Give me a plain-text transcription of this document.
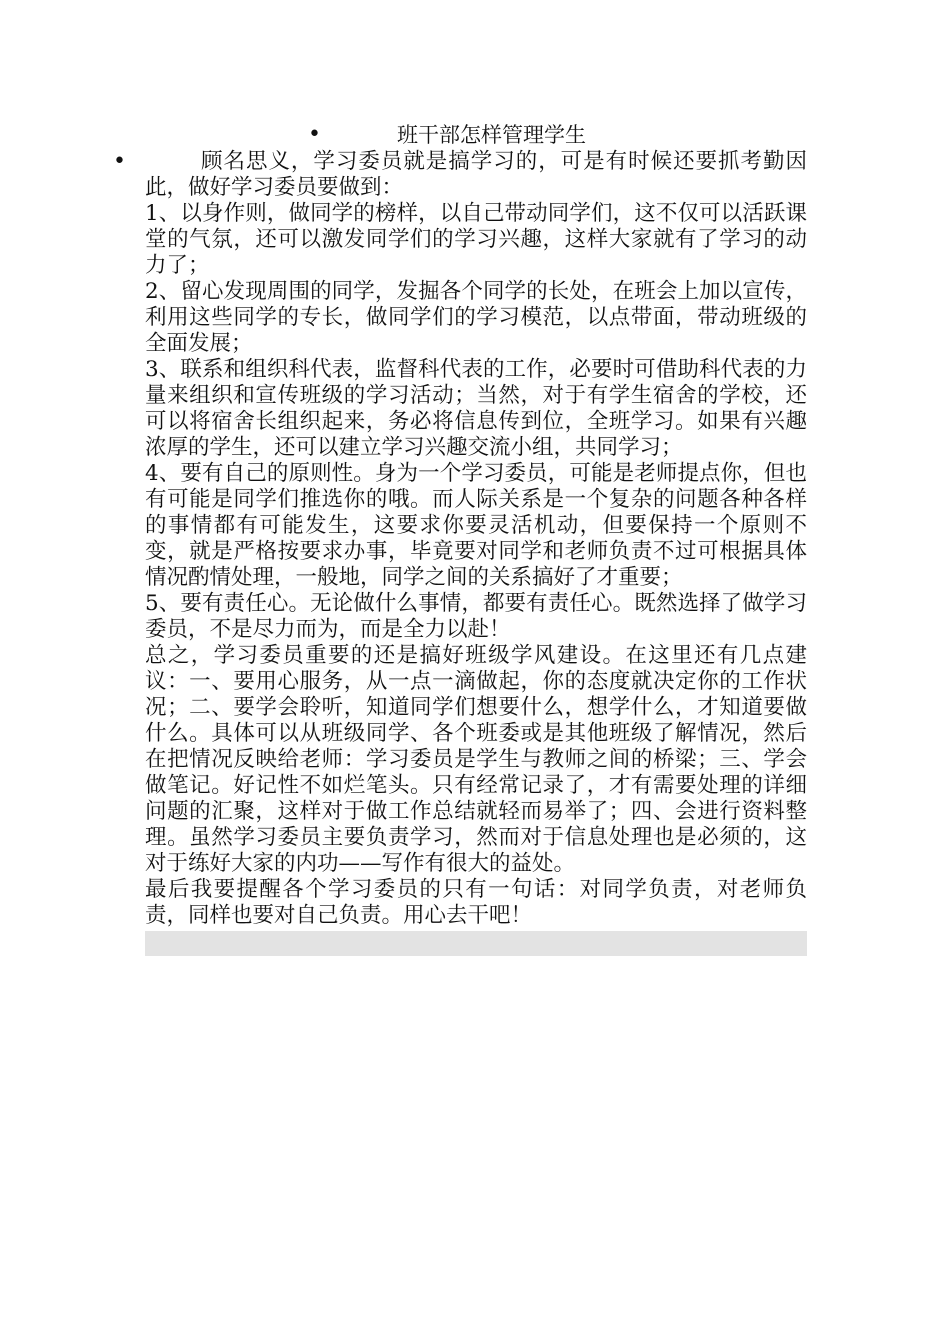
•	班干部怎样管理学生
•	顾名思义，学习委员就是搞学习的，可是有时候还要抓考勤因此，做好学习委员要做到：

1、以身作则，做同学的榜样，以自己带动同学们，这不仅可以活跃课堂的气氛，还可以激发同学们的学习兴趣，这样大家就有了学习的动力了；

2、留心发现周围的同学，发掘各个同学的长处，在班会上加以宣传，利用这些同学的专长，做同学们的学习模范，以点带面，带动班级的全面发展；

3、联系和组织科代表，监督科代表的工作，必要时可借助科代表的力量来组织和宣传班级的学习活动；当然，对于有学生宿舍的学校，还可以将宿舍长组织起来，务必将信息传到位，全班学习。如果有兴趣浓厚的学生，还可以建立学习兴趣交流小组，共同学习；

4、要有自己的原则性。身为一个学习委员，可能是老师提点你，但也有可能是同学们推选你的哦。而人际关系是一个复杂的问题各种各样的事情都有可能发生，这要求你要灵活机动，但要保持一个原则不变，就是严格按要求办事，毕竟要对同学和老师负责不过可根据具体情况酌情处理，一般地，同学之间的关系搞好了才重要；

5、要有责任心。无论做什么事情，都要有责任心。既然选择了做学习委员，不是尽力而为，而是全力以赴！

总之，学习委员重要的还是搞好班级学风建设。在这里还有几点建议：一、要用心服务，从一点一滴做起，你的态度就决定你的工作状况；二、要学会聆听，知道同学们想要什么，想学什么，才知道要做什么。具体可以从班级同学、各个班委或是其他班级了解情况，然后在把情况反映给老师：学习委员是学生与教师之间的桥梁；三、学会做笔记。好记性不如烂笔头。只有经常记录了，才有需要处理的详细问题的汇聚，这样对于做工作总结就轻而易举了；四、会进行资料整理。虽然学习委员主要负责学习，然而对于信息处理也是必须的，这对于练好大家的内功——写作有很大的益处。

最后我要提醒各个学习委员的只有一句话：对同学负责，对老师负责，同样也要对自己负责。用心去干吧！
